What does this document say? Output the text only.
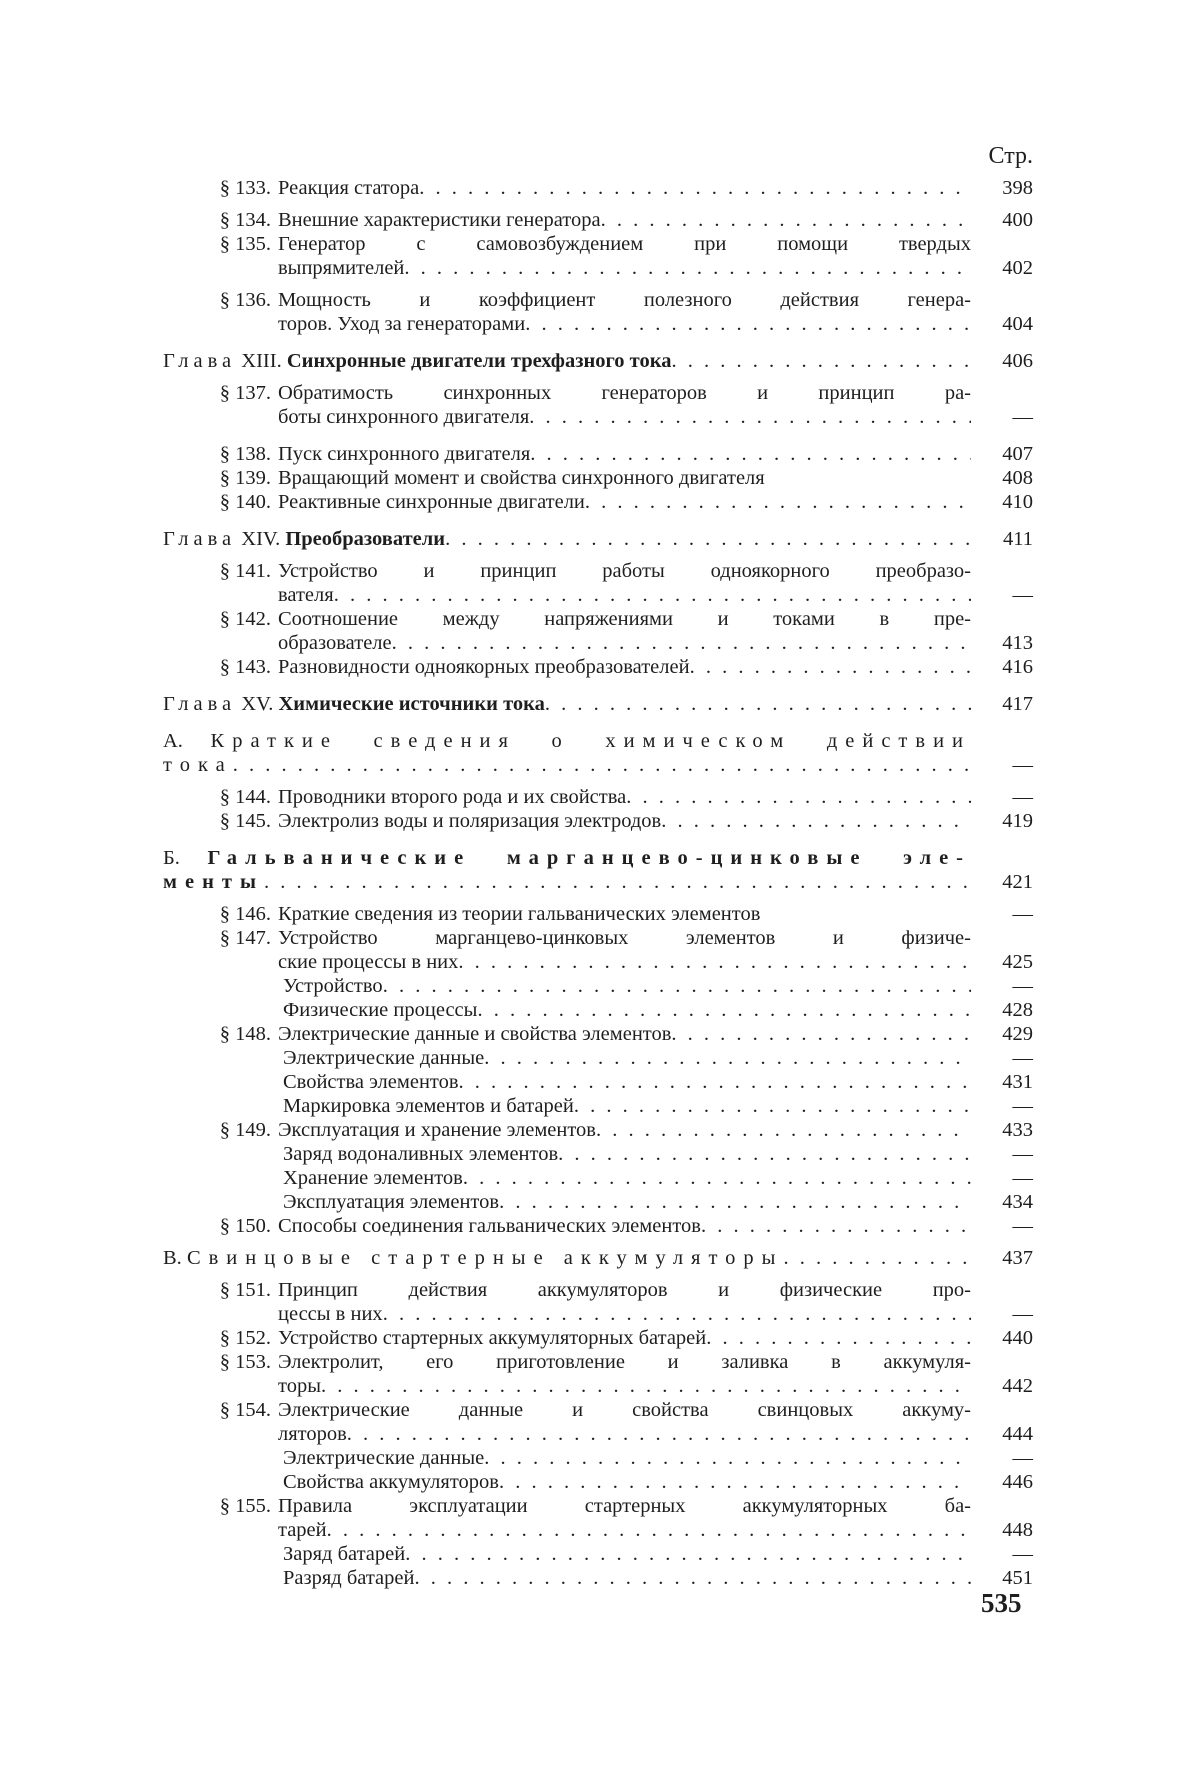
Стр.
§ 133. Реакция статора
. . .	398
§ 134. Внешние характеристики генератора
. . .	400
§ 135. Генератор с самовозбуждением при помощи твердых
выпрямителей
. . .	402
§ 136. Мощность и коэффициент полезного действия генера-
торов. Уход за генераторами
. . .	404
Глава XIII. Синхронные двигатели трехфазного тока
. . .	406
§ 137. Обратимость синхронных генераторов и принцип ра-
боты синхронного двигателя
. . .	—
§ 138. Пуск синхронного двигателя
. . .	407
§ 139. Вращающий момент и свойства синхронного двигателя	408
§ 140. Реактивные синхронные двигатели
. . .	410
Глава XIV. Преобразователи
. . .	411
§ 141. Устройство и принцип работы одноякорного преобразо-
вателя
. . .	—
§ 142. Соотношение между напряжениями и токами в пре-
образователе
. . .	413
§ 143. Разновидности одноякорных преобразователей
. . .	416
Глава XV. Химические источники тока
. . .	417
А. Краткие сведения о химическом действии
тока
. . .	—
§ 144. Проводники второго рода и их свойства
. . .	—
§ 145. Электролиз воды и поляризация электродов
. . .	419
Б. Гальванические марганцево-цинковые эле-
менты
. . .	421
§ 146. Краткие сведения из теории гальванических элементов	—
§ 147. Устройство марганцево-цинковых элементов и физиче-
ские процессы в них
. . .	425
Устройство
. . .	—
Физические процессы
. . .	428
§ 148. Электрические данные и свойства элементов
. . .	429
Электрические данные
. . .	—
Свойства элементов
. . .	431
Маркировка элементов и батарей
. . .	—
§ 149. Эксплуатация и хранение элементов
. . .	433
Заряд водоналивных элементов
. . .	—
Хранение элементов
. . .	—
Эксплуатация элементов
. . .	434
§ 150. Способы соединения гальванических элементов
. . .	—
В. Свинцовые стартерные аккумуляторы
. . .	437
§ 151. Принцип действия аккумуляторов и физические про-
цессы в них
. . .	—
§ 152. Устройство стартерных аккумуляторных батарей
. . .	440
§ 153. Электролит, его приготовление и заливка в аккумуля-
торы
. . .	442
§ 154. Электрические данные и свойства свинцовых аккуму-
ляторов
. . .	444
Электрические данные
. . .	—
Свойства аккумуляторов
. . .	446
§ 155. Правила эксплуатации стартерных аккумуляторных ба-
тарей
. . .	448
Заряд батарей
. . .	—
Разряд батарей
. . .	451
535
